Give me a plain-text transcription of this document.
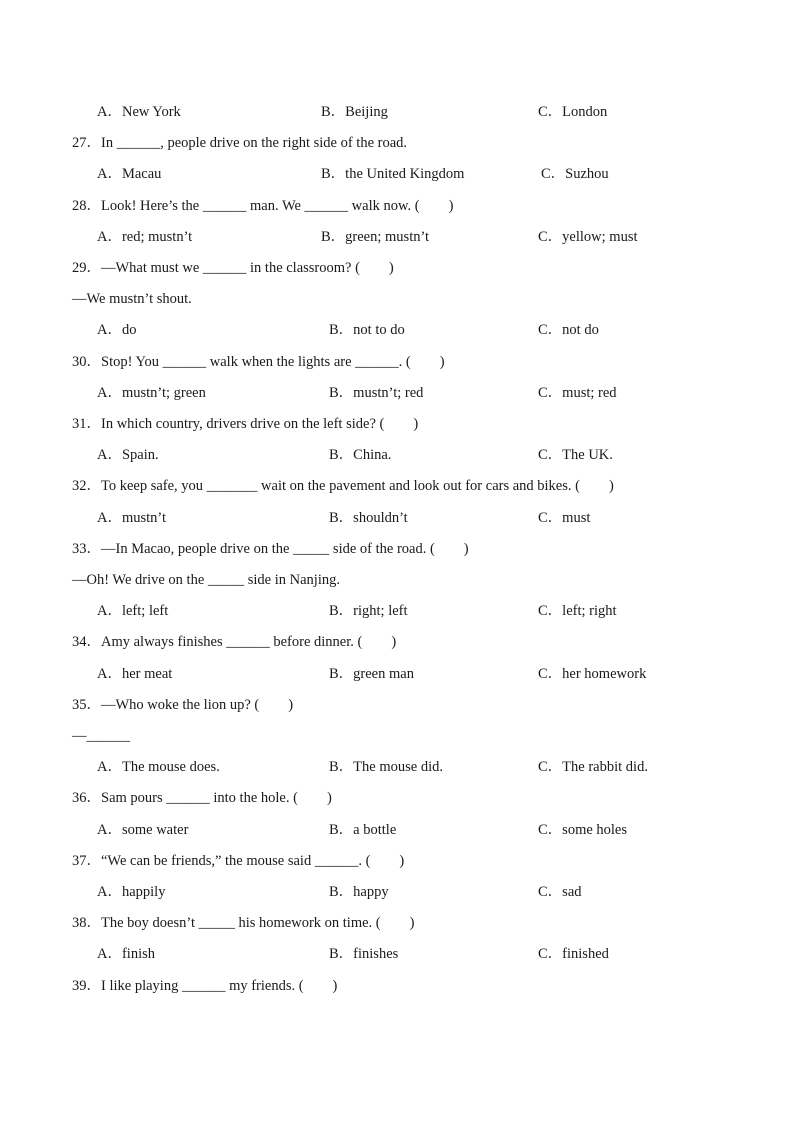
A．New York	B．Beijing	C．London
27．In ______, people drive on the right side of the road.
A．Macau	B．the United Kingdom	C．Suzhou
28．Look! Here’s the ______ man. We ______ walk now. (　　)
A．red; mustn’t	B．green; mustn’t	C．yellow; must
29．—What must we ______ in the classroom? (　　)
—We mustn’t shout.
A．do	B．not to do	C．not do
30．Stop! You ______ walk when the lights are ______. (　　)
A．mustn’t; green	B．mustn’t; red	C．must; red
31．In which country, drivers drive on the left side? (　　)
A．Spain.	B．China.	C．The UK.
32．To keep safe, you _______ wait on the pavement and look out for cars and bikes. (　　)
A．mustn’t	B．shouldn’t	C．must
33．—In Macao, people drive on the _____ side of the road. (　　)
—Oh! We drive on the _____ side in Nanjing.
A．left; left	B．right; left	C．left; right
34．Amy always finishes ______ before dinner. (　　)
A．her meat	B．green man	C．her homework
35．—Who woke the lion up? (　　)
—______
A．The mouse does.	B．The mouse did.	C．The rabbit did.
36．Sam pours ______ into the hole. (　　)
A．some water	B．a bottle	C．some holes
37．“We can be friends,” the mouse said ______. (　　)
A．happily	B．happy	C．sad
38．The boy doesn’t _____ his homework on time. (　　)
A．finish	B．finishes	C．finished
39．I like playing ______ my friends. (　　)
